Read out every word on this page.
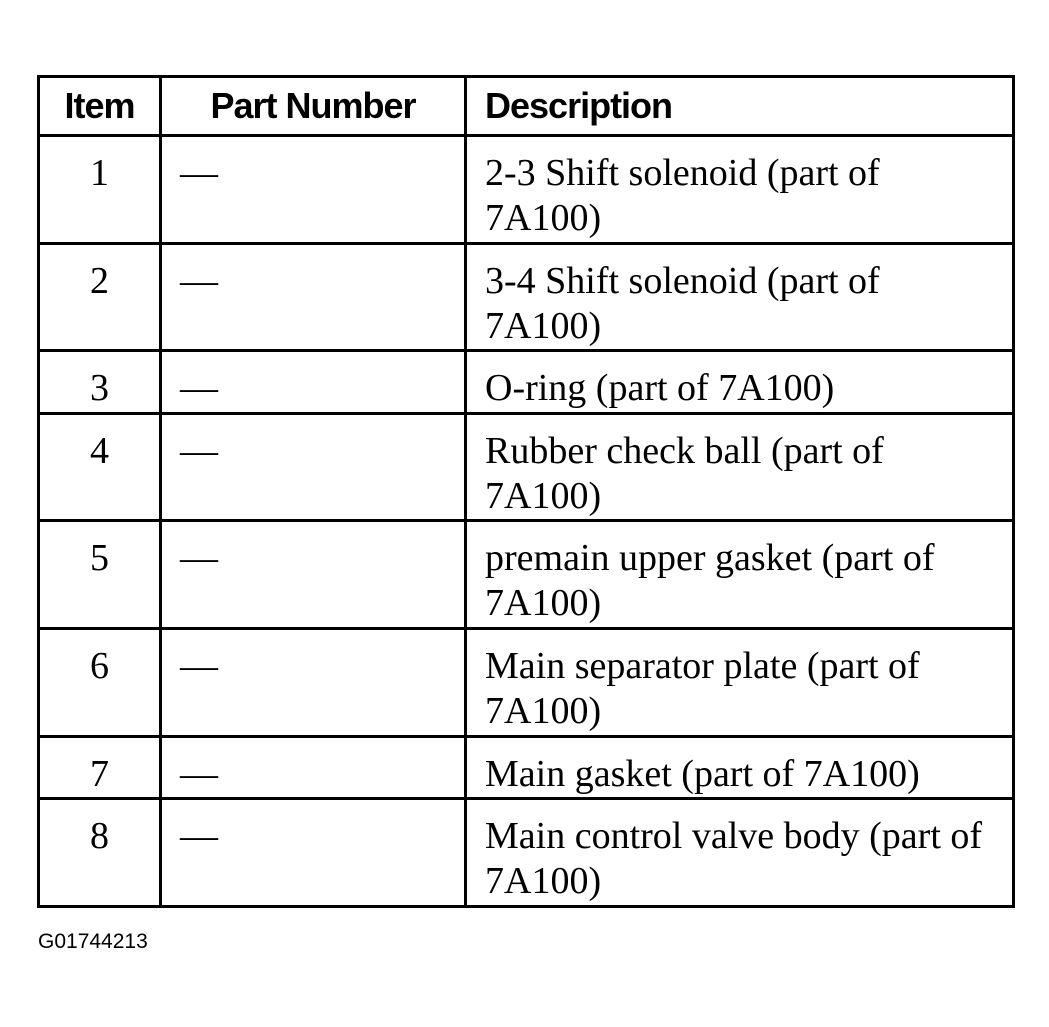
Item	Part Number	Description
1	—	2-3 Shift solenoid (part of 7A100)
2	—	3-4 Shift solenoid (part of 7A100)
3	—	O-ring (part of 7A100)
4	—	Rubber check ball (part of 7A100)
5	—	premain upper gasket (part of 7A100)
6	—	Main separator plate (part of 7A100)
7	—	Main gasket (part of 7A100)
8	—	Main control valve body (part of 7A100)
G01744213
